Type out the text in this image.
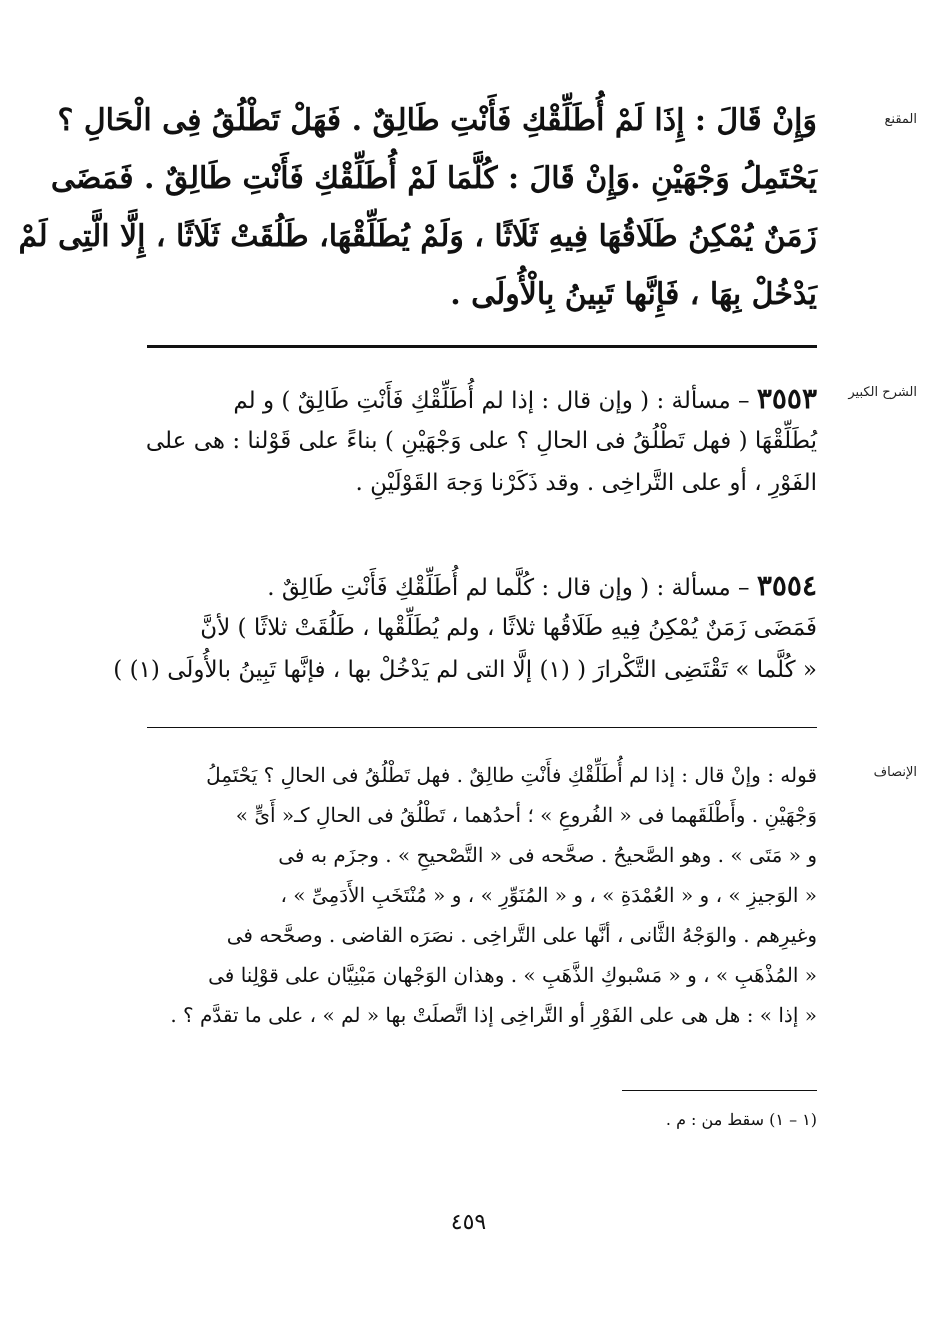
المقنع
وَإِنْ قَالَ : إِذَا لَمْ أُطَلِّقْكِ فَأَنْتِ طَالِقٌ . فَهَلْ تَطْلُقُ فِى الْحَالِ ؟
يَحْتَمِلُ وَجْهَيْنِ .وَإِنْ قَالَ : كُلَّمَا لَمْ أُطَلِّقْكِ فَأَنْتِ طَالِقٌ . فَمَضَى
زَمَنٌ يُمْكِنُ طَلَاقُهَا فِيهِ ثَلَاثًا ، وَلَمْ يُطَلِّقْهَا، طَلُقَتْ ثَلَاثًا ، إِلَّا الَّتِى لَمْ
يَدْخُلْ بِهَا ، فَإِنَّها تَبِينُ بِالْأُولَى .
الشرح الكبير
٣٥٥٣ – مسألة : ( وإن قال : إذا لم أُطَلِّقْكِ فَأَنْتِ طَالِقٌ ) و لم
يُطَلِّقْهَا ( فهل تَطْلُقُ فى الحالِ ؟ على وَجْهَيْنِ ) بناءً على قَوْلنا : هى على
الفَوْرِ ، أو على التَّراخِى . وقد ذَكَرْنا وَجهَ القَوْلَيْنِ .
٣٥٥٤ – مسألة : ( وإن قال : كُلَّما لم أُطَلِّقْكِ فَأَنْتِ طَالِقٌ .
فَمَضَى زَمَنٌ يُمْكِنُ فِيهِ طَلَاقُها ثلاثًا ، ولم يُطَلِّقْها ، طَلُقَتْ ثلاثًا ) لأنَّ
« كُلَّما » تَقْتَضِى التَّكْرارَ ( (١) إلَّا التى لم يَدْخُلْ بها ، فإنَّها تَبِينُ بالأُولَى (١) )
الإنصاف
قوله : وإنْ قال : إذا لم أُطَلِّقْكِ فأَنْتِ طالِقٌ . فهل تَطْلُقُ فى الحالِ ؟ يَحْتَمِلُ
وَجْهَيْنِ . وأَطْلَقَهما فى « الفُروعِ » ؛ أحدُهما ، تَطْلُقُ فى الحالِ كـ« أَىٍّ »
و « مَتَى » . وهو الصَّحيحُ . صحَّحه فى « التَّصْحيحِ » . وجزَم به فى
« الوَجيزِ » ، و « العُمْدَةِ » ، و « المُنَوِّرِ » ، و « مُنْتَخَبِ الأَدَمِىِّ » ،
وغيرِهم . والوَجْهُ الثَّانى ، أنَّها على التَّراخِى . نصَرَه القاضى . وصحَّحه فى
« المُذْهَبِ » ، و « مَسْبوكِ الذَّهَبِ » . وهذان الوَجْهان مَبْنِيَّان على قوْلِنا فى
« إذا » : هل هى على الفَوْرِ أو التَّراخِى إذا اتَّصلَتْ بها « لم » ، على ما تقدَّم ؟ .
(١ – ١) سقط من : م .
٤٥٩
